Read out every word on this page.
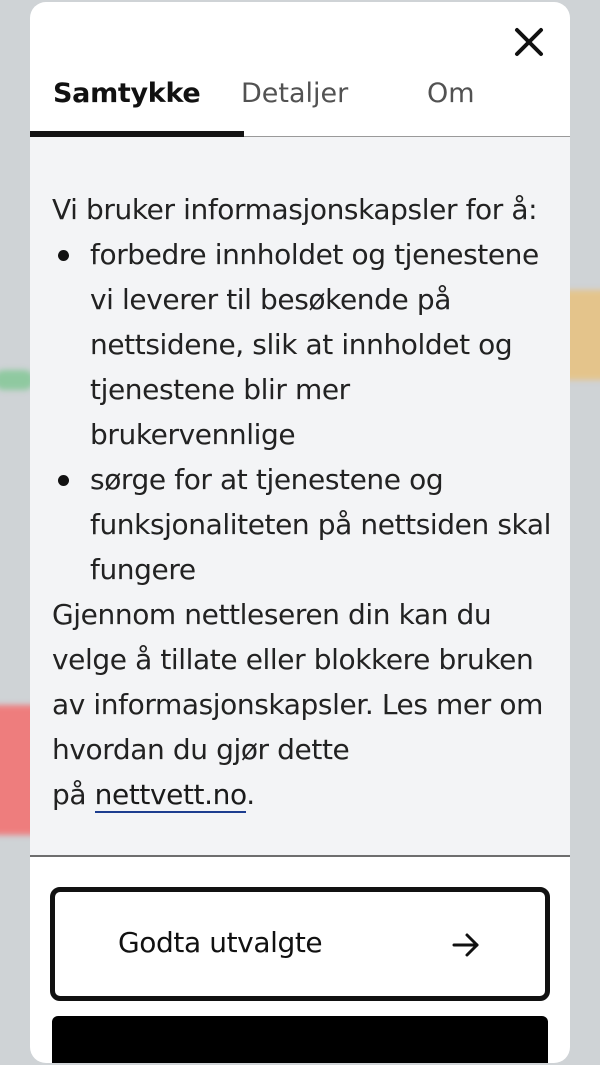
Samtykke Detaljer	Om

Vi bruker informasjonskapsler for å:

forbedre innholdet og tjenestene vi leverer til besøkende på nettsidene, slik at innholdet og tjenestene blir mer brukervennlige
sørge for at tjenestene og funksjonaliteten på nettsiden skal fungere

Gjennom nettleseren din kan du velge å tillate eller blokkere bruken av informasjonskapsler. Les mer om hvordan du gjør dette
på nettvett.no.

Godta utvalgte
